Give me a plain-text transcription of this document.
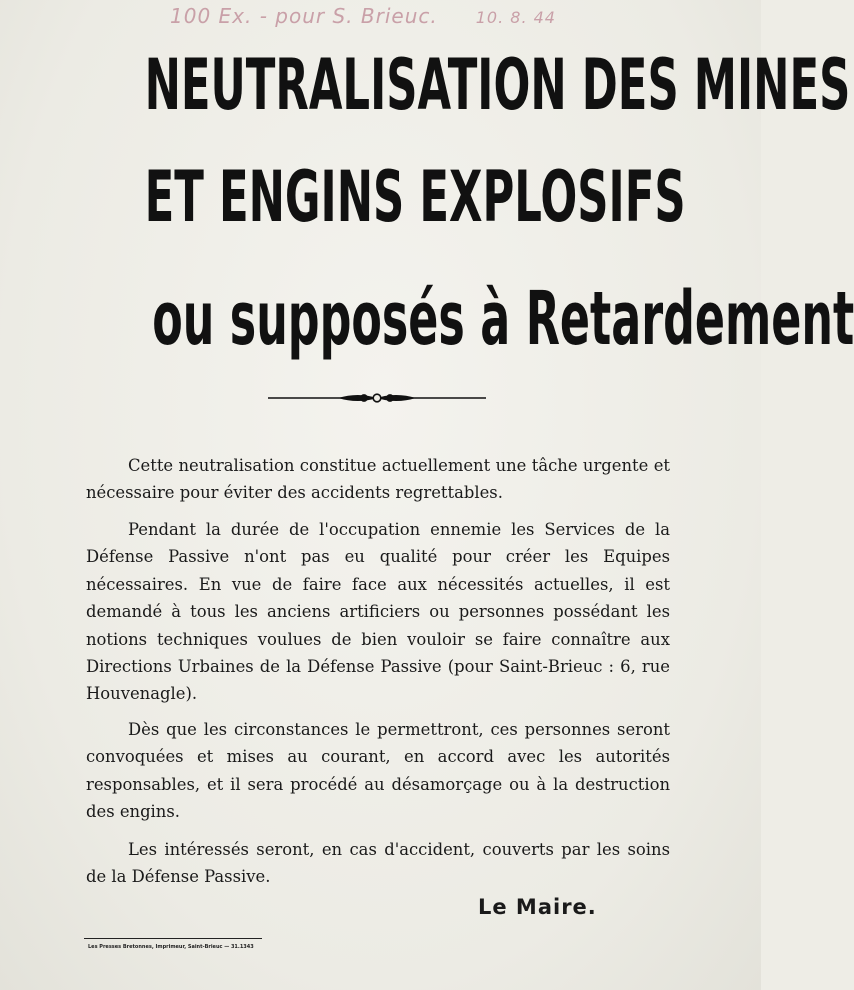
100 Ex. - pour S. Brieuc. 10. 8. 44
NEUTRALISATION DES MINES
ET ENGINS EXPLOSIFS
ou supposés à Retardement

Cette neutralisation constitue actuellement une tâche urgente et nécessaire pour éviter des accidents regrettables.

Pendant la durée de l'occupation ennemie les Services de la Défense Passive n'ont pas eu qualité pour créer les Equipes nécessaires. En vue de faire face aux nécessités actuelles, il est demandé à tous les anciens artificiers ou personnes possédant les notions techniques voulues de bien vouloir se faire connaître aux Directions Urbaines de la Défense Passive (pour Saint-Brieuc : 6, rue Houvenagle).

Dès que les circonstances le permettront, ces personnes seront convoquées et mises au courant, en accord avec les autorités responsables, et il sera procédé au désamorçage ou à la destruction des engins.

Les intéressés seront, en cas d'accident, couverts par les soins de la Défense Passive.

Le Maire.
Les Presses Bretonnes, Imprimeur, Saint-Brieuc — 31.1343
